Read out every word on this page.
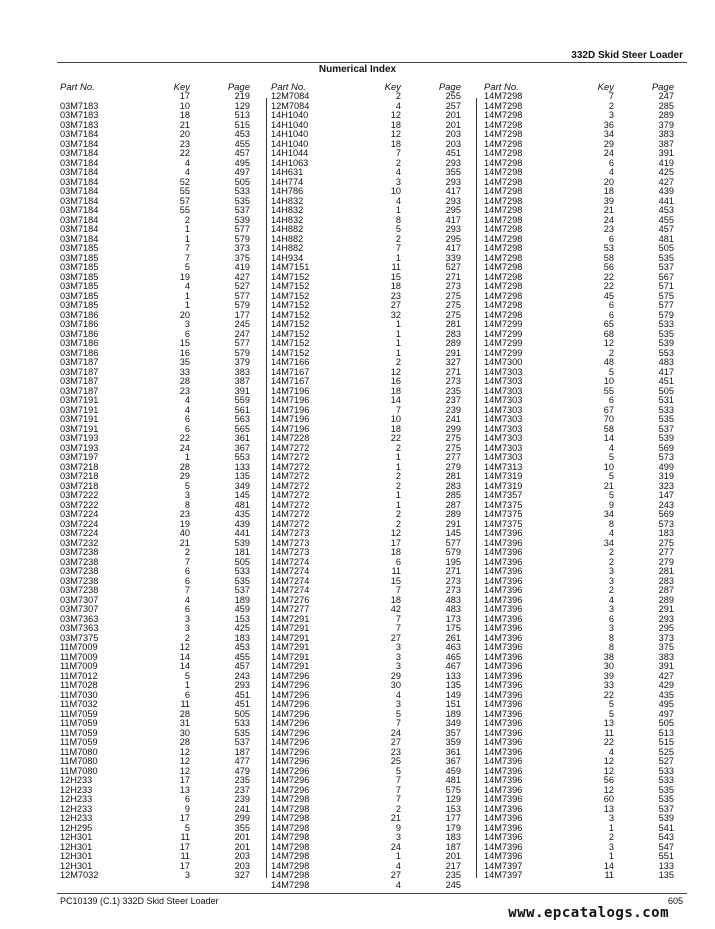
332D Skid Steer Loader
Numerical Index
Part No.	Key	Page
	17	219
03M7183	10	129
03M7183	18	513
03M7183	21	515
03M7184	20	453
03M7184	23	455
03M7184	22	457
03M7184	4	495
03M7184	4	497
03M7184	52	505
03M7184	55	533
03M7184	57	535
03M7184	55	537
03M7184	2	539
03M7184	1	577
03M7184	1	579
03M7185	7	373
03M7185	7	375
03M7185	5	419
03M7185	19	427
03M7185	4	527
03M7185	1	577
03M7185	1	579
03M7186	20	177
03M7186	3	245
03M7186	6	247
03M7186	15	577
03M7186	16	579
03M7187	35	379
03M7187	33	383
03M7187	28	387
03M7187	23	391
03M7191	4	559
03M7191	4	561
03M7191	6	563
03M7191	6	565
03M7193	22	361
03M7193	24	367
03M7197	1	553
03M7218	28	133
03M7218	29	135
03M7218	5	349
03M7222	3	145
03M7222	8	481
03M7224	23	435
03M7224	19	439
03M7224	40	441
03M7232	21	539
03M7238	2	181
03M7238	7	505
03M7238	6	533
03M7238	6	535
03M7238	7	537
03M7307	4	189
03M7307	6	459
03M7363	3	153
03M7363	3	425
03M7375	2	183
11M7009	12	453
11M7009	14	455
11M7009	14	457
11M7012	5	243
11M7028	1	293
11M7030	6	451
11M7032	11	451
11M7059	28	505
11M7059	31	533
11M7059	30	535
11M7059	28	537
11M7080	12	187
11M7080	12	477
11M7080	12	479
12H233	17	235
12H233	13	237
12H233	6	239
12H233	9	241
12H233	17	299
12H295	5	355
12H301	11	201
12H301	17	201
12H301	11	203
12H301	17	203
12M7032	3	327
Part No.	Key	Page
12M7084	2	255
12M7084	4	257
14H1040	12	201
14H1040	18	201
14H1040	12	203
14H1040	18	203
14H1044	7	451
14H1063	2	293
14H631	4	355
14H774	3	293
14H786	10	417
14H832	4	293
14H832	1	295
14H832	8	417
14H882	5	293
14H882	2	295
14H882	7	417
14H934	1	339
14M7151	11	527
14M7152	15	271
14M7152	18	273
14M7152	23	275
14M7152	27	275
14M7152	32	275
14M7152	1	281
14M7152	1	283
14M7152	1	289
14M7152	1	291
14M7166	2	327
14M7167	12	271
14M7167	16	273
14M7196	18	235
14M7196	14	237
14M7196	7	239
14M7196	10	241
14M7196	18	299
14M7228	22	275
14M7272	2	275
14M7272	1	277
14M7272	1	279
14M7272	2	281
14M7272	2	283
14M7272	1	285
14M7272	1	287
14M7272	2	289
14M7272	2	291
14M7273	12	145
14M7273	17	577
14M7273	18	579
14M7274	6	195
14M7274	11	271
14M7274	15	273
14M7274	7	273
14M7276	18	483
14M7277	42	483
14M7291	7	173
14M7291	7	175
14M7291	27	261
14M7291	3	463
14M7291	3	465
14M7291	3	467
14M7296	29	133
14M7296	30	135
14M7296	4	149
14M7296	3	151
14M7296	5	189
14M7296	7	349
14M7296	24	357
14M7296	27	359
14M7296	23	361
14M7296	25	367
14M7296	5	459
14M7296	7	481
14M7296	7	575
14M7298	7	129
14M7298	2	153
14M7298	21	177
14M7298	9	179
14M7298	3	183
14M7298	24	187
14M7298	1	201
14M7298	4	217
14M7298	27	235
14M7298	4	245
Part No.	Key	Page
14M7298	7	247
14M7298	2	285
14M7298	3	289
14M7298	36	379
14M7298	34	383
14M7298	29	387
14M7298	24	391
14M7298	6	419
14M7298	4	425
14M7298	20	427
14M7298	18	439
14M7298	39	441
14M7298	21	453
14M7298	24	455
14M7298	23	457
14M7298	6	481
14M7298	53	505
14M7298	58	535
14M7298	56	537
14M7298	22	567
14M7298	22	571
14M7298	45	575
14M7298	6	577
14M7298	6	579
14M7299	65	533
14M7299	68	535
14M7299	12	539
14M7299	2	553
14M7300	48	483
14M7303	5	417
14M7303	10	451
14M7303	55	505
14M7303	6	531
14M7303	67	533
14M7303	70	535
14M7303	58	537
14M7303	14	539
14M7303	4	569
14M7303	5	573
14M7313	10	499
14M7319	5	319
14M7319	21	323
14M7357	5	147
14M7375	9	243
14M7375	34	569
14M7375	8	573
14M7396	4	183
14M7396	34	275
14M7396	2	277
14M7396	2	279
14M7396	3	281
14M7396	3	283
14M7396	2	287
14M7396	4	289
14M7396	3	291
14M7396	6	293
14M7396	3	295
14M7396	8	373
14M7396	8	375
14M7396	38	383
14M7396	30	391
14M7396	39	427
14M7396	33	429
14M7396	22	435
14M7396	5	495
14M7396	5	497
14M7396	13	505
14M7396	11	513
14M7396	22	515
14M7396	4	525
14M7396	12	527
14M7396	12	533
14M7396	56	533
14M7396	12	535
14M7396	60	535
14M7396	13	537
14M7396	3	539
14M7396	1	541
14M7396	2	543
14M7396	3	547
14M7396	1	551
14M7397	14	133
14M7397	11	135
PC10139 (C.1) 332D Skid Steer Loader	605
www.epcatalogs.com
